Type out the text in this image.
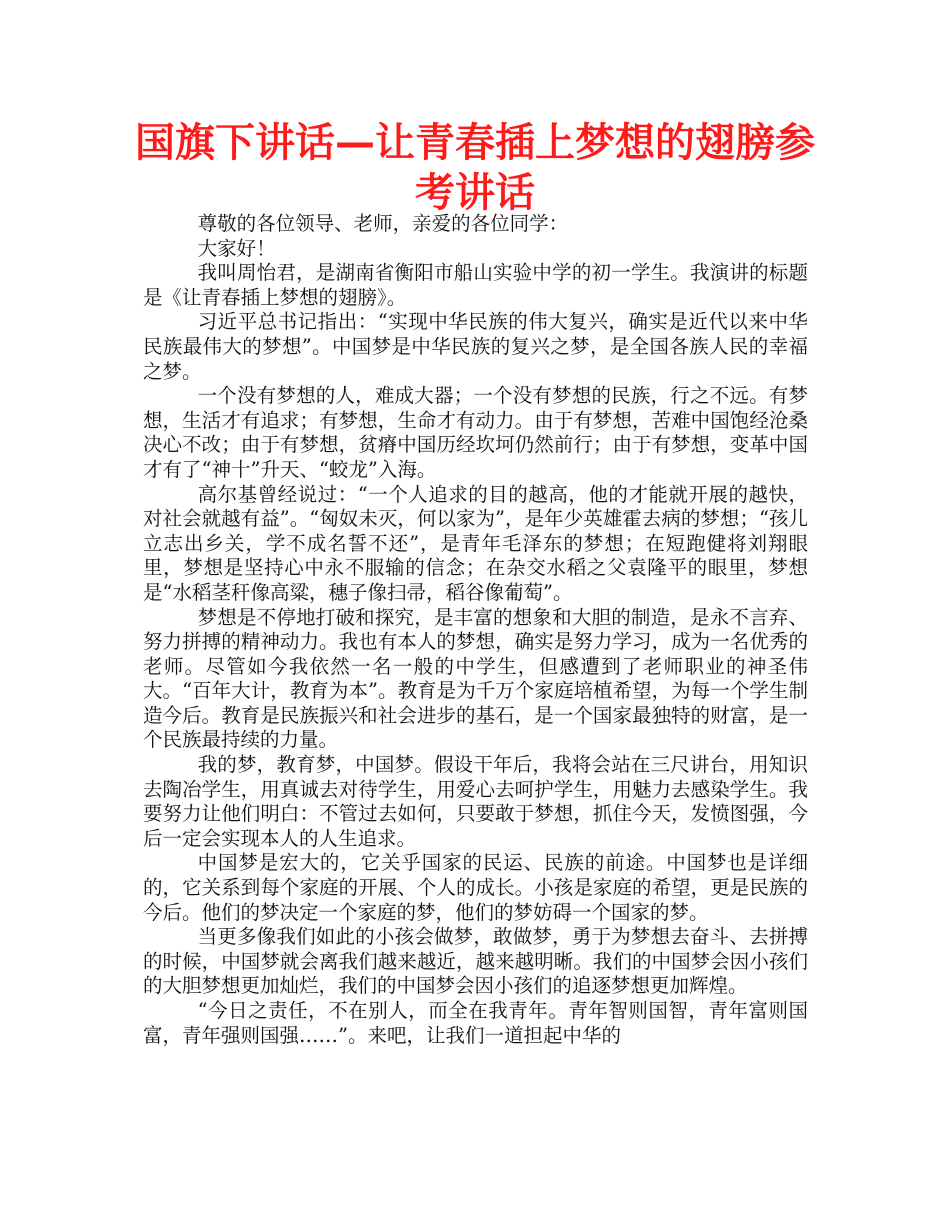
国旗下讲话—让青春插上梦想的翅膀参考讲话

尊敬的各位领导、老师，亲爱的各位同学：

大家好！

我叫周怡君，是湖南省衡阳市船山实验中学的初一学生。我演讲的标题是《让青春插上梦想的翅膀》。

习近平总书记指出：“实现中华民族的伟大复兴，确实是近代以来中华民族最伟大的梦想”。中国梦是中华民族的复兴之梦，是全国各族人民的幸福之梦。

一个没有梦想的人，难成大器；一个没有梦想的民族，行之不远。有梦想，生活才有追求；有梦想，生命才有动力。由于有梦想，苦难中国饱经沧桑决心不改；由于有梦想，贫瘠中国历经坎坷仍然前行；由于有梦想，变革中国才有了“神十”升天、“蛟龙”入海。

高尔基曾经说过：“一个人追求的目的越高，他的才能就开展的越快，对社会就越有益”。“匈奴未灭，何以家为”，是年少英雄霍去病的梦想；“孩儿立志出乡关，学不成名誓不还”，是青年毛泽东的梦想；在短跑健将刘翔眼里，梦想是坚持心中永不服输的信念；在杂交水稻之父袁隆平的眼里，梦想是“水稻茎秆像高粱，穗子像扫帚，稻谷像葡萄”。

梦想是不停地打破和探究，是丰富的想象和大胆的制造，是永不言弃、努力拼搏的精神动力。我也有本人的梦想，确实是努力学习，成为一名优秀的老师。尽管如今我依然一名一般的中学生，但感遭到了老师职业的神圣伟大。“百年大计，教育为本”。教育是为千万个家庭培植希望，为每一个学生制造今后。教育是民族振兴和社会进步的基石，是一个国家最独特的财富，是一个民族最持续的力量。

我的梦，教育梦，中国梦。假设干年后，我将会站在三尺讲台，用知识去陶冶学生，用真诚去对待学生，用爱心去呵护学生，用魅力去感染学生。我要努力让他们明白：不管过去如何，只要敢于梦想，抓住今天，发愤图强，今后一定会实现本人的人生追求。

中国梦是宏大的，它关乎国家的民运、民族的前途。中国梦也是详细的，它关系到每个家庭的开展、个人的成长。小孩是家庭的希望，更是民族的今后。他们的梦决定一个家庭的梦，他们的梦妨碍一个国家的梦。

当更多像我们如此的小孩会做梦，敢做梦，勇于为梦想去奋斗、去拼搏的时候，中国梦就会离我们越来越近，越来越明晰。我们的中国梦会因小孩们的大胆梦想更加灿烂，我们的中国梦会因小孩们的追逐梦想更加辉煌。

“今日之责任，不在别人，而全在我青年。青年智则国智，青年富则国富，青年强则国强……”。来吧，让我们一道担起中华的
